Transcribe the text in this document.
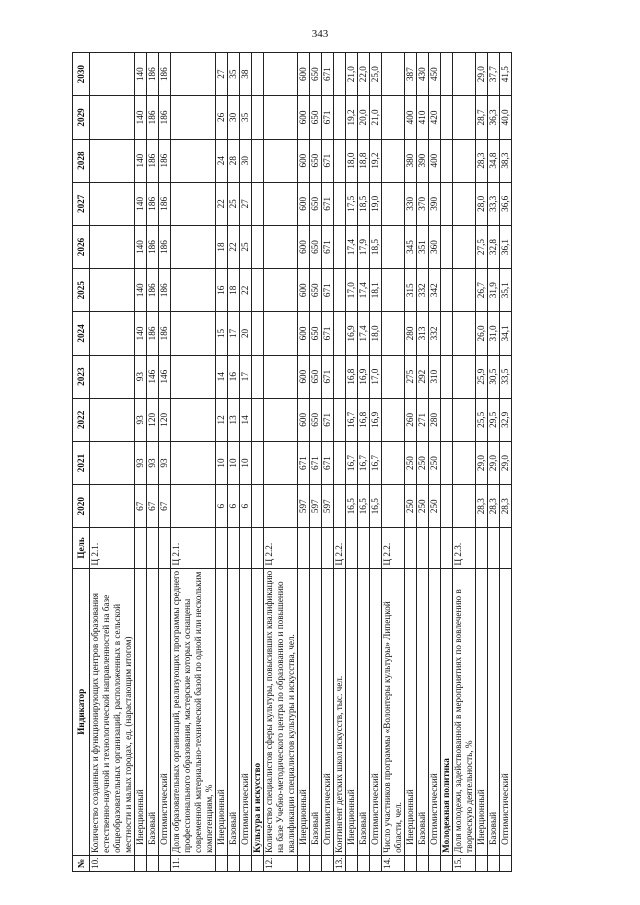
343
№	Индикатор	Цель	2020	2021	2022	2023	2024	2025	2026	2027	2028	2029	2030
10.	Количество созданных и функционирующих центров образования естественно-научной и технологической направленностей на базе общеобразовательных организаций, расположенных в сельской местности и малых городах, ед. (нарастающим итогом)	Ц 2.1.											
	Инерционный		67	93	93	93	140	140	140	140	140	140	140
	Базовый		67	93	120	146	186	186	186	186	186	186	186
	Оптимистический		67	93	120	146	186	186	186	186	186	186	186
11.	Доля образовательных организаций, реализующих программы среднего профессионального образования, мастерские которых оснащены современной материально-технической базой по одной или нескольким компетенциям, %	Ц 2.1.											
	Инерционный		6	10	12	14	15	16	18	22	24	26	27
	Базовый		6	10	13	16	17	18	22	25	28	30	35
	Оптимистический		6	10	14	17	20	22	25	27	30	35	38
	Культура и искусство												
12.	Количество специалистов сферы культуры, повысивших квалификацию на базе Учебно-методического центра по образованию и повышению квалификации специалистов культуры и искусства, чел.	Ц 2.2.											
	Инерционный		597	671	600	600	600	600	600	600	600	600	600
	Базовый		597	671	650	650	650	650	650	650	650	650	650
	Оптимистический		597	671	671	671	671	671	671	671	671	671	671
13.	Контингент детских школ искусств, тыс. чел.	Ц 2.2.											
	Инерционный		16,5	16,7	16,7	16,8	16,9	17,0	17,4	17,5	18,0	19,2	21,0
	Базовый		16,5	16,7	16,8	16,9	17,4	17,4	17,9	18,5	18,8	20,0	22,0
	Оптимистический		16,5	16,7	16,9	17,0	18,0	18,1	18,5	19,0	19,2	21,0	25,0
14.	Число участников программы «Волонтеры культуры» Липецкой области, чел.	Ц 2.2.											
	Инерционный		250	250	260	275	280	315	345	330	380	400	387
	Базовый		250	250	271	292	313	332	351	370	390	410	430
	Оптимистический		250	250	280	310	332	342	360	390	400	420	450
	Молодежная политика												
15.	Доля молодежи, задействованной в мероприятиях по вовлечению в творческую деятельность, %	Ц 2.3.											
	Инерционный		28,3	29,0	25,5	25,9	26,0	26,7	27,5	28,0	28,3	28,7	29,0
	Базовый		28,3	29,0	29,5	30,5	31,0	31,9	32,8	33,3	34,8	36,3	37,7
	Оптимистический		28,3	29,0	32,9	33,5	34,1	35,1	36,1	36,6	38,3	40,0	41,5
